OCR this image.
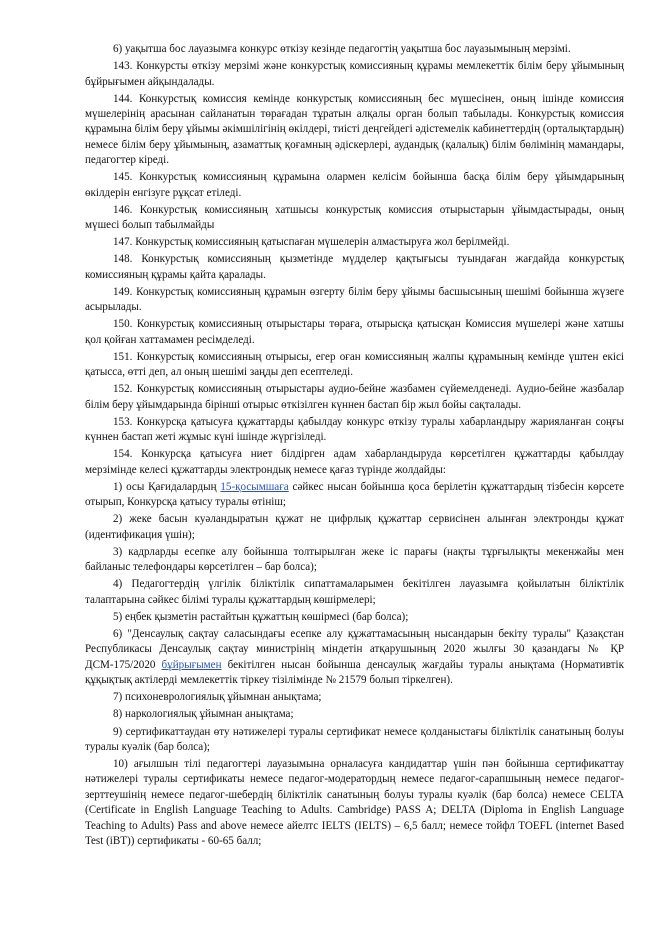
6) уақытша бос лауазымға конкурс өткізу кезінде педагогтің уақытша бос лауазымының мерзімі.

143. Конкурсты өткізу мерзімі және конкурстық комиссияның құрамы мемлекеттік білім беру ұйымының бұйрығымен айқындалады.

144. Конкурстық комиссия кемінде конкурстық комиссияның бес мүшесінен, оның ішінде комиссия мүшелерінің арасынан сайланатын төрағадан тұратын алқалы орган болып табылады. Конкурстық комиссия құрамына білім беру ұйымы әкімшілігінің өкілдері, тиісті деңгейдегі әдістемелік кабинеттердің (орталықтардың) немесе білім беру ұйымының, азаматтық қоғамның әдіскерлері, аудандық (қалалық) білім бөлімінің мамандары, педагогтер кіреді.

145. Конкурстық комиссияның құрамына олармен келісім бойынша басқа білім беру ұйымдарының өкілдерін енгізуге рұқсат етіледі.

146. Конкурстық комиссияның хатшысы конкурстық комиссия отырыстарын ұйымдастырады, оның мүшесі болып табылмайды

147. Конкурстық комиссияның қатыспаған мүшелерін алмастыруға жол берілмейді.

148. Конкурстық комиссияның қызметінде мүдделер қақтығысы туындаған жағдайда конкурстық комиссияның құрамы қайта қаралады.

149. Конкурстық комиссияның құрамын өзгерту білім беру ұйымы басшысының шешімі бойынша жүзеге асырылады.

150. Конкурстық комиссияның отырыстары төраға, отырысқа қатысқан Комиссия мүшелері және хатшы қол қойған хаттамамен ресімделеді.

151. Конкурстық комиссияның отырысы, егер оған комиссияның жалпы құрамының кемінде үштен екісі қатысса, өтті деп, ал оның шешімі заңды деп есептеледі.

152. Конкурстық комиссияның отырыстары аудио-бейне жазбамен сүйемелденеді. Аудио-бейне жазбалар білім беру ұйымдарында бірінші отырыс өткізілген күннен бастап бір жыл бойы сақталады.

153. Конкурсқа қатысуға құжаттарды қабылдау конкурс өткізу туралы хабарландыру жарияланған соңғы күннен бастап жеті жұмыс күні ішінде жүргізіледі.

154. Конкурсқа қатысуға ниет білдірген адам хабарландыруда көрсетілген құжаттарды қабылдау мерзімінде келесі құжаттарды электрондық немесе қағаз түрінде жолдайды:

1) осы Қағидалардың 15-қосымшаға сәйкес нысан бойынша қоса берілетін құжаттардың тізбесін көрсете отырып, Конкурсқа қатысу туралы өтініш;

2) жеке басын куәландыратын құжат не цифрлық құжаттар сервисінен алынған электронды құжат (идентификация үшін);

3) кадрларды есепке алу бойынша толтырылған жеке іс парағы (нақты тұрғылықты мекенжайы мен байланыс телефондары көрсетілген – бар болса);

4) Педагогтердің үлгілік біліктілік сипаттамаларымен бекітілген лауазымға қойылатын біліктілік талаптарына сәйкес білімі туралы құжаттардың көшірмелері;

5) еңбек қызметін растайтын құжаттың көшірмесі (бар болса);

6) "Денсаулық сақтау саласындағы есепке алу құжаттамасының нысандарын бекіту туралы" Қазақстан Республикасы Денсаулық сақтау министрінің міндетін атқарушының 2020 жылғы 30 қазандағы № ҚР ДСМ-175/2020 бұйрығымен бекітілген нысан бойынша денсаулық жағдайы туралы анықтама (Нормативтік құқықтық актілерді мемлекеттік тіркеу тізілімінде № 21579 болып тіркелген).

7) психоневрологиялық ұйымнан анықтама;

8) наркологиялық ұйымнан анықтама;

9) сертификаттаудан өту нәтижелері туралы сертификат немесе қолданыстағы біліктілік санатының болуы туралы куәлік (бар болса);

10) ағылшын тілі педагогтері лауазымына орналасуға кандидаттар үшін пән бойынша сертификаттау нәтижелері туралы сертификаты немесе педагог-модератордың немесе педагог-сарапшының немесе педагог-зерттеушінің немесе педагог-шебердің біліктілік санатының болуы туралы куәлік (бар болса) немесе CELTA (Certificate in English Language Teaching to Adults. Cambridge) PASS A; DELTA (Diploma in English Language Teaching to Adults) Pass and above немесе айелтс IELTS (IELTS) – 6,5 балл; немесе тойфл TOEFL (internet Based Test (iBT)) сертификаты - 60-65 балл;
